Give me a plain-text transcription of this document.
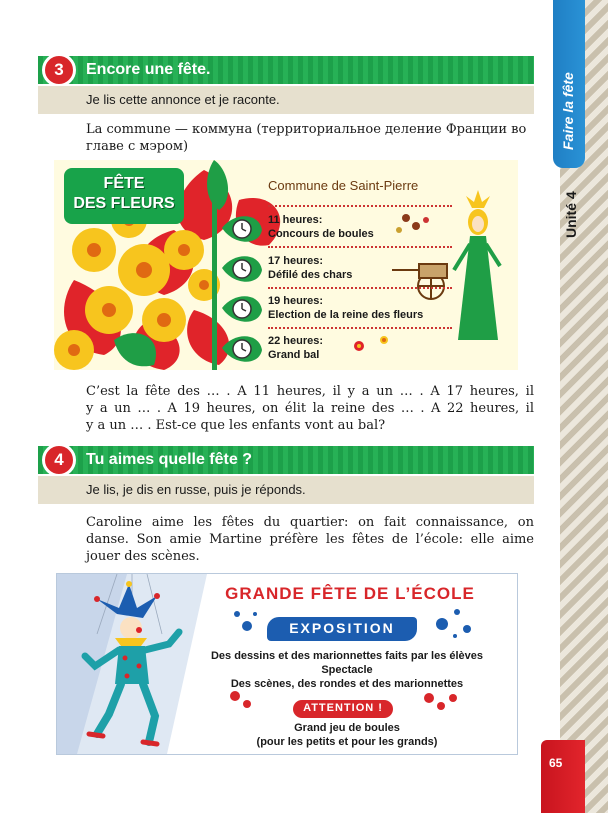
Faire la fête
Unité 4
65
3	Encore une fête.
Je lis cette annonce et je raconte.

La commune — коммуна (территориальное деление Франции во главе с мэром)

FÊTE
DES FLEURS
Commune de Saint-Pierre
11 heures:
Concours de boules
17 heures:
Défilé des chars
19 heures:
Election de la reine des fleurs
22 heures:
Grand bal

C’est la fête des … . A 11 heures, il y a un … . A 17 heures, il

y a un … . A 19 heures, on élit la reine des … . A 22 heures, il

y a un … . Est-ce que les enfants vont au bal?

4	Tu aimes quelle fête ?
Je lis, je dis en russe, puis je réponds.

Caroline aime les fêtes du quartier: on fait connaissance, on

danse. Son amie Martine préfère les fêtes de l’école: elle aime

jouer des scènes.

GRANDE FÊTE DE L’ÉCOLE
EXPOSITION
Des dessins et des marionnettes faits par les élèves
Spectacle
Des scènes, des rondes et des marionnettes
ATTENTION !
Grand jeu de boules
(pour les petits et pour les grands)
